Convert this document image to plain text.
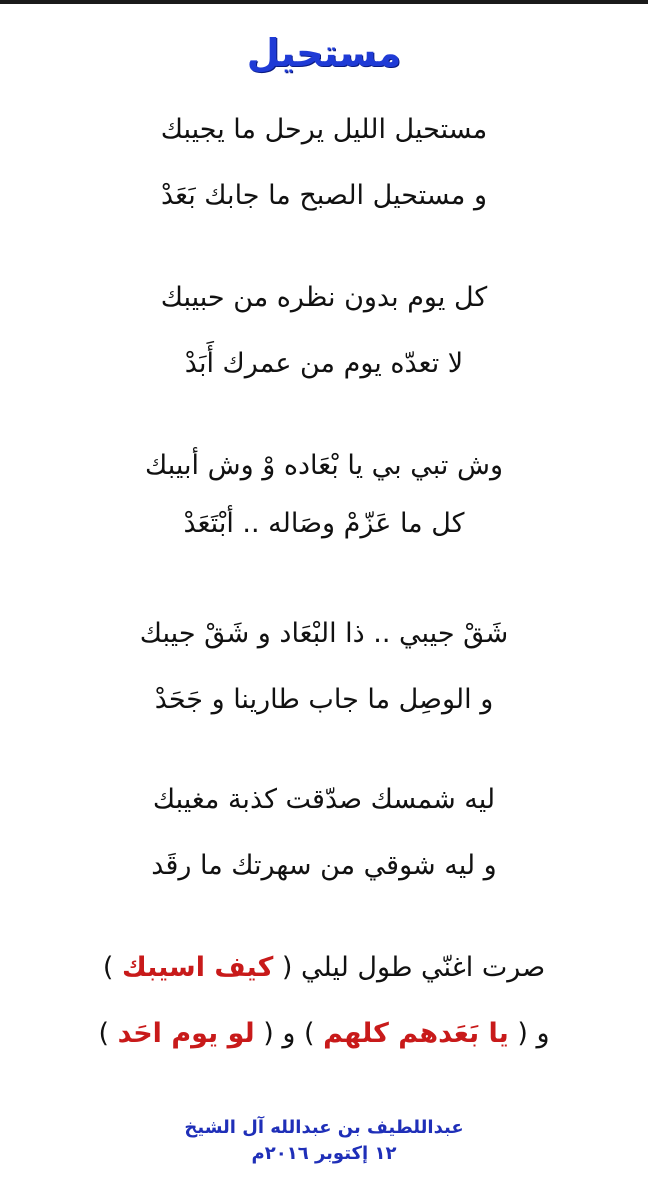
مستحيل
مستحيل الليل يرحل ما يجيبك
و مستحيل الصبح ما جابك بَعَدْ
كل يوم بدون نظره من حبيبك
لا تعدّه يوم من عمرك أَبَدْ
وش تبي بي يا بْعَاده وْ وش أبيبك
كل ما عَزّمْ وصَاله .. أبْتَعَدْ
شَقْ جيبي .. ذا البْعَاد و شَقْ جيبك
و الوصِل ما جاب طارينا و جَحَدْ
ليه شمسك صدّقت كذبة مغيبك
و ليه شوقي من سهرتك ما رقَد
صرت اغنّي طول ليلي ( كيف اسيبك )
و ( يا بَعَدهم كلهم ) و ( لو يوم احَد )
عبداللطيف بن عبدالله آل الشيخ
١٢ إكتوبر ٢٠١٦م
